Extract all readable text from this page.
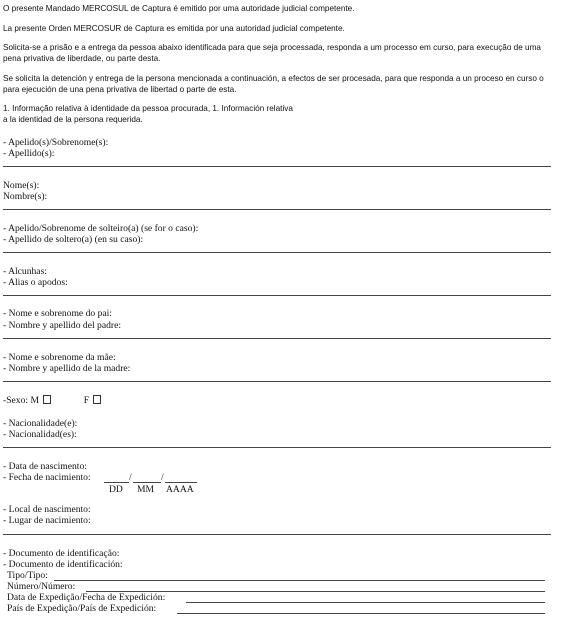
O presente Mandado MERCOSUL de Captura é emitido por uma autoridade judicial competente.
La presente Orden MERCOSUR de Captura es emitida por una autoridad judicial competente.
Solicita-se a prisão e a entrega da pessoa abaixo identificada para que seja processada, responda a um processo em curso, para execução de uma
pena privativa de liberdade, ou parte desta.
Se solicita la detención y entrega de la persona mencionada a continuación, a efectos de ser procesada, para que responda a un proceso en curso o
para ejecución de una pena privativa de libertad o parte de esta.
1. Informação relativa à identidade da pessoa procurada, 1. Información relativa
a la identidad de la persona requerida.
- Apelido(s)/Sobrenome(s):
- Apellido(s):
Nome(s):
Nombre(s):
- Apelido/Sobrenome de solteiro(a) (se for o caso):
- Apellido de soltero(a) (en su caso):
- Alcunhas:
- Alias o apodos:
- Nome e sobrenome do pai:
- Nombre y apellido del padre:
- Nome e sobrenome da mãe:
- Nombre y apellido de la madre:
-Sexo: M	F
- Nacionalidade(e):
- Nacionalidad(es):
- Data de nascimento:
- Fecha de nacimiento:	/	/
DD MM AAAA
- Local de nascimento:
- Lugar de nacimiento:
- Documento de identificação:
- Documento de identificación:
Tipo/Tipo:
Número/Número:
Data de Expedição/Fecha de Expedición:
País de Expedição/País de Expedición:
